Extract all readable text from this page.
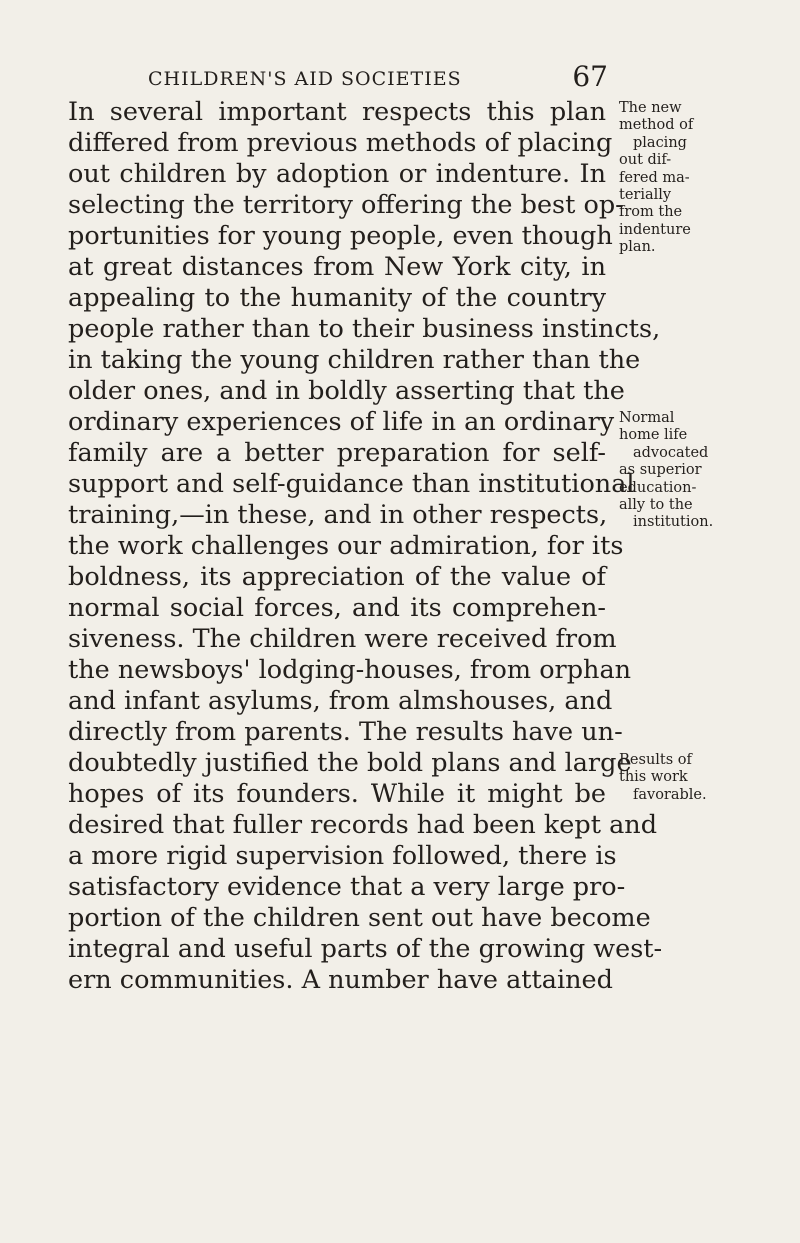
CHILDREN'S AID SOCIETIES	67
In several important respects this plan
differed from previous methods of placing
out children by adoption or indenture. In
selecting the territory offering the best op-
portunities for young people, even though
at great distances from New York city, in
appealing to the humanity of the country
people rather than to their business instincts,
in taking the young children rather than the
older ones, and in boldly asserting that the
ordinary experiences of life in an ordinary
family are a better preparation for self-
support and self-guidance than institutional
training,—in these, and in other respects,
the work challenges our admiration, for its
boldness, its appreciation of the value of
normal social forces, and its comprehen-
siveness. The children were received from
the newsboys' lodging-houses, from orphan
and infant asylums, from almshouses, and
directly from parents. The results have un-
doubtedly justified the bold plans and large
hopes of its founders. While it might be
desired that fuller records had been kept and
a more rigid supervision followed, there is
satisfactory evidence that a very large pro-
portion of the children sent out have become
integral and useful parts of the growing west-
ern communities. A number have attained
The new
method of
placing
out dif-
fered ma-
terially
from the
indenture
plan.
Normal
home life
advocated
as superior
education-
ally to the
institution.
Results of
this work
favorable.
